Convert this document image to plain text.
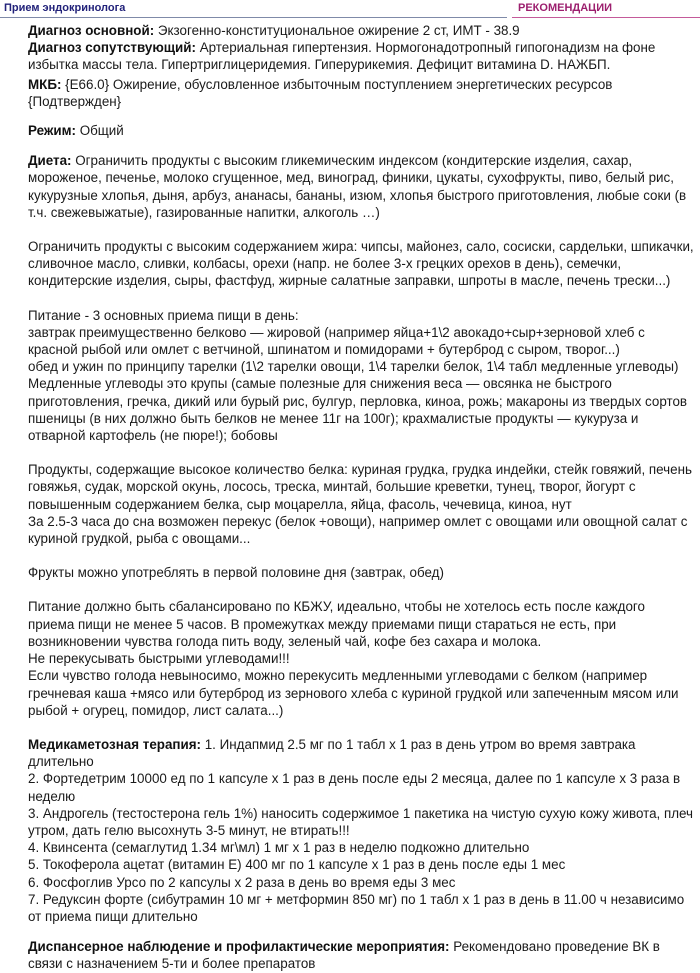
Прием эндокринолога	РЕКОМЕНДАЦИИ

Диагноз основной: Экзогенно-конституциональное ожирение 2 ст, ИМТ - 38.9

Диагноз сопутствующий: Артериальная гипертензия. Нормогонадотропный гипогонадизм на фоне избытка массы тела. Гипертриглицеридемия. Гиперурикемия. Дефицит витамина D. НАЖБП.

МКБ: {E66.0} Ожирение, обусловленное избыточным поступлением энергетических ресурсов    {Подтвержден}

Режим: Общий

Диета: Ограничить продукты с высоким гликемическим индексом (кондитерские изделия, сахар, мороженое, печенье, молоко сгущенное, мед, виноград, финики, цукаты, сухофрукты, пиво, белый рис, кукурузные хлопья, дыня, арбуз, ананасы, бананы, изюм, хлопья быстрого приготовления, любые соки (в т.ч. свежевыжатые), газированные напитки, алкоголь …)

Ограничить продукты с высоким содержанием жира: чипсы, майонез, сало, сосиски, сардельки, шпикачки, сливочное масло, сливки, колбасы, орехи (напр. не более 3-х грецких орехов в день), семечки, кондитерские изделия, сыры, фастфуд, жирные салатные заправки, шпроты в масле, печень трески...)

Питание - 3 основных приема пищи в день:

завтрак преимущественно белково — жировой (например яйца+1\2 авокадо+сыр+зерновой хлеб с красной рыбой или омлет с ветчиной, шпинатом и помидорами + бутерброд с сыром, творог...)

обед и ужин по принципу тарелки (1\2 тарелки овощи, 1\4 тарелки белок, 1\4 табл медленные углеводы)

Медленные углеводы это крупы (самые полезные для снижения веса — овсянка не быстрого приготовления, гречка, дикий или бурый рис, булгур, перловка, киноа, рожь; макароны из твердых сортов пшеницы (в них должно быть белков не менее 11г на 100г); крахмалистые продукты — кукуруза и отварной картофель (не пюре!); бобовы

Продукты, содержащие высокое количество белка: куриная грудка, грудка индейки, стейк говяжий, печень говяжья, судак, морской окунь, лосось, треска, минтай, большие креветки, тунец, творог, йогурт с повышенным содержанием белка, сыр моцарелла, яйца, фасоль, чечевица, киноа, нут

За 2.5-3 часа до сна возможен перекус (белок +овощи), например омлет с овощами или овощной салат с куриной грудкой, рыба с овощами...

Фрукты можно употреблять в первой половине дня (завтрак, обед)

Питание должно быть сбалансировано по КБЖУ, идеально, чтобы не хотелось есть после каждого приема пищи не менее 5 часов. В промежутках между приемами пищи стараться не есть, при возникновении чувства голода пить воду, зеленый чай, кофе без сахара и молока.

Не перекусывать быстрыми углеводами!!!

Если чувство голода невыносимо, можно перекусить медленными углеводами с белком (например гречневая каша +мясо или бутерброд из зернового хлеба с куриной грудкой или запеченным мясом или рыбой + огурец, помидор, лист салата...)

Медикаметозная терапия: 1. Индапмид 2.5 мг по 1 табл х 1 раз в день утром во время завтрака длительно

2. Фортедетрим 10000 ед по 1 капсуле х 1 раз в день после еды 2 месяца, далее по 1 капсуле х 3 раза в неделю

3. Андрогель (тестостерона гель 1%) наносить содержимое 1 пакетика на чистую сухую кожу живота, плеч утром, дать гелю высохнуть 3-5 минут, не втирать!!!

4. Квинсента (семаглутид 1.34 мг\мл) 1 мг х 1 раз в неделю подкожно длительно

5. Токоферола ацетат (витамин Е) 400 мг по 1 капсуле х 1 раз в день после еды 1 мес

6. Фосфоглив Урсо по 2 капсулы х 2 раза в день во время еды 3 мес

7. Редуксин форте (сибутрамин 10 мг + метформин 850 мг) по 1 табл х 1 раз в день в 11.00 ч независимо от приема пищи длительно

Диспансерное наблюдение и профилактические мероприятия: Рекомендовано проведение ВК в связи с назначением 5-ти и более препаратов
